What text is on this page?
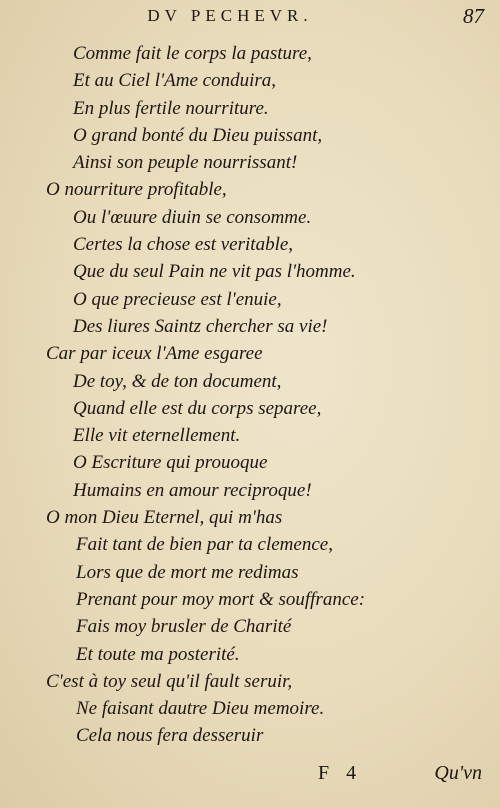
DV PECHEVR.	87
Comme fait le corps la pasture,
Et au Ciel l'Ame conduira,
En plus fertile nourriture.
O grand bonté du Dieu puissant,
Ainsi son peuple nourrissant!
O nourriture profitable,
Ou l'œuure diuin se consomme.
Certes la chose est veritable,
Que du seul Pain ne vit pas l'homme.
O que precieuse est l'enuie,
Des liures Saintz chercher sa vie!
Car par iceux l'Ame esgaree
De toy, & de ton document,
Quand elle est du corps separee,
Elle vit eternellement.
O Escriture qui prouoque
Humains en amour reciproque!
O mon Dieu Eternel, qui m'has
Fait tant de bien par ta clemence,
Lors que de mort me redimas
Prenant pour moy mort & souffrance:
Fais moy brusler de Charité
Et toute ma posterité.
C'est à toy seul qu'il fault seruir,
Ne faisant dautre Dieu memoire.
Cela nous fera desseruir
F 4	Qu'vn
